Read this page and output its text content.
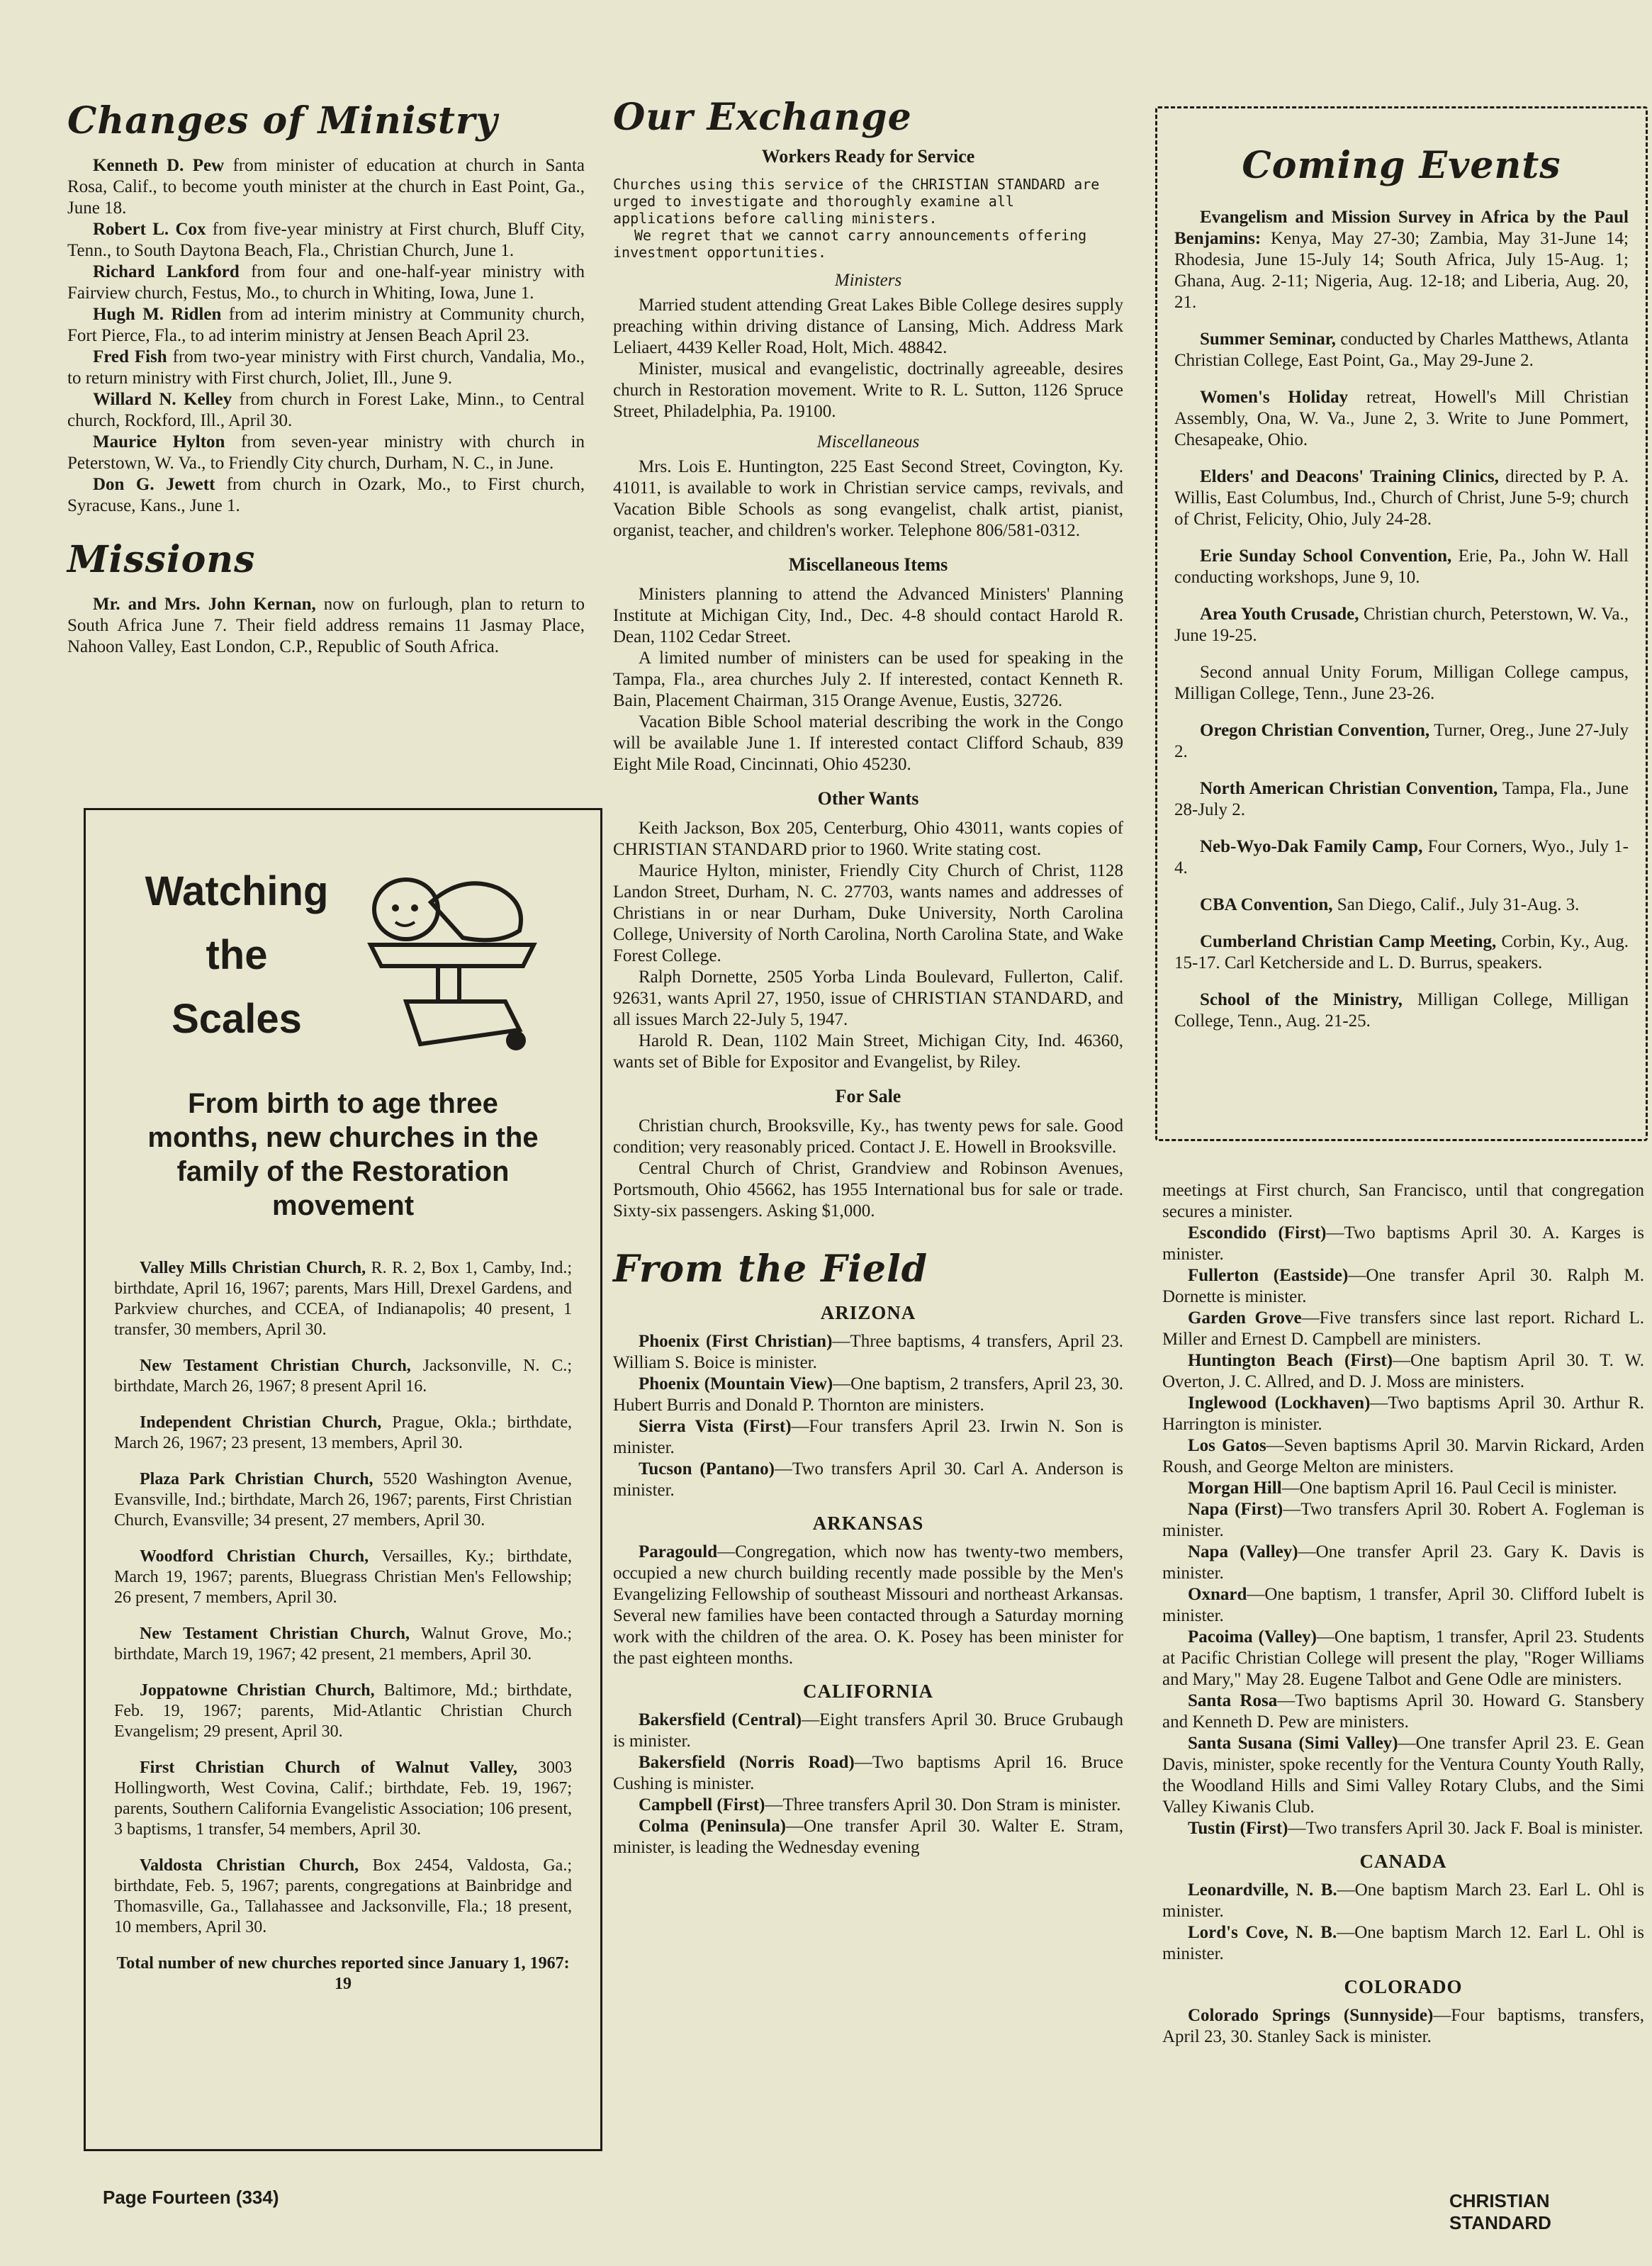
Changes of Ministry

Kenneth D. Pew from minister of education at church in Santa Rosa, Calif., to become youth minister at the church in East Point, Ga., June 18.

Robert L. Cox from five-year ministry at First church, Bluff City, Tenn., to South Daytona Beach, Fla., Christian Church, June 1.

Richard Lankford from four and one-half-year ministry with Fairview church, Festus, Mo., to church in Whiting, Iowa, June 1.

Hugh M. Ridlen from ad interim ministry at Community church, Fort Pierce, Fla., to ad interim ministry at Jensen Beach April 23.

Fred Fish from two-year ministry with First church, Vandalia, Mo., to return ministry with First church, Joliet, Ill., June 9.

Willard N. Kelley from church in Forest Lake, Minn., to Central church, Rockford, Ill., April 30.

Maurice Hylton from seven-year ministry with church in Peterstown, W. Va., to Friendly City church, Durham, N. C., in June.

Don G. Jewett from church in Ozark, Mo., to First church, Syracuse, Kans., June 1.

Missions

Mr. and Mrs. John Kernan, now on furlough, plan to return to South Africa June 7. Their field address remains 11 Jasmay Place, Nahoon Valley, East London, C.P., Republic of South Africa.

Watching
the
Scales
From birth to age three months, new churches in the family of the Restoration movement

Valley Mills Christian Church, R. R. 2, Box 1, Camby, Ind.; birthdate, April 16, 1967; parents, Mars Hill, Drexel Gardens, and Parkview churches, and CCEA, of Indianapolis; 40 present, 1 transfer, 30 members, April 30.

New Testament Christian Church, Jacksonville, N. C.; birthdate, March 26, 1967; 8 present April 16.

Independent Christian Church, Prague, Okla.; birthdate, March 26, 1967; 23 present, 13 members, April 30.

Plaza Park Christian Church, 5520 Washington Avenue, Evansville, Ind.; birthdate, March 26, 1967; parents, First Christian Church, Evansville; 34 present, 27 members, April 30.

Woodford Christian Church, Versailles, Ky.; birthdate, March 19, 1967; parents, Bluegrass Christian Men's Fellowship; 26 present, 7 members, April 30.

New Testament Christian Church, Walnut Grove, Mo.; birthdate, March 19, 1967; 42 present, 21 members, April 30.

Joppatowne Christian Church, Baltimore, Md.; birthdate, Feb. 19, 1967; parents, Mid-Atlantic Christian Church Evangelism; 29 present, April 30.

First Christian Church of Walnut Valley, 3003 Hollingworth, West Covina, Calif.; birthdate, Feb. 19, 1967; parents, Southern California Evangelistic Association; 106 present, 3 baptisms, 1 transfer, 54 members, April 30.

Valdosta Christian Church, Box 2454, Valdosta, Ga.; birthdate, Feb. 5, 1967; parents, congregations at Bainbridge and Thomasville, Ga., Tallahassee and Jacksonville, Fla.; 18 present, 10 members, April 30.

Total number of new churches reported since January 1, 1967: 19
Our Exchange
Workers Ready for Service

Churches using this service of the CHRISTIAN STANDARD are urged to investigate and thoroughly examine all applications before calling ministers.

We regret that we cannot carry announcements offering investment opportunities.

Ministers

Married student attending Great Lakes Bible College desires supply preaching within driving distance of Lansing, Mich. Address Mark Leliaert, 4439 Keller Road, Holt, Mich. 48842.

Minister, musical and evangelistic, doctrinally agreeable, desires church in Restoration movement. Write to R. L. Sutton, 1126 Spruce Street, Philadelphia, Pa. 19100.

Miscellaneous

Mrs. Lois E. Huntington, 225 East Second Street, Covington, Ky. 41011, is available to work in Christian service camps, revivals, and Vacation Bible Schools as song evangelist, chalk artist, pianist, organist, teacher, and children's worker. Telephone 806/581-0312.

Miscellaneous Items

Ministers planning to attend the Advanced Ministers' Planning Institute at Michigan City, Ind., Dec. 4-8 should contact Harold R. Dean, 1102 Cedar Street.

A limited number of ministers can be used for speaking in the Tampa, Fla., area churches July 2. If interested, contact Kenneth R. Bain, Placement Chairman, 315 Orange Avenue, Eustis, 32726.

Vacation Bible School material describing the work in the Congo will be available June 1. If interested contact Clifford Schaub, 839 Eight Mile Road, Cincinnati, Ohio 45230.

Other Wants

Keith Jackson, Box 205, Centerburg, Ohio 43011, wants copies of CHRISTIAN STANDARD prior to 1960. Write stating cost.

Maurice Hylton, minister, Friendly City Church of Christ, 1128 Landon Street, Durham, N. C. 27703, wants names and addresses of Christians in or near Durham, Duke University, North Carolina College, University of North Carolina, North Carolina State, and Wake Forest College.

Ralph Dornette, 2505 Yorba Linda Boulevard, Fullerton, Calif. 92631, wants April 27, 1950, issue of CHRISTIAN STANDARD, and all issues March 22-July 5, 1947.

Harold R. Dean, 1102 Main Street, Michigan City, Ind. 46360, wants set of Bible for Expositor and Evangelist, by Riley.

For Sale

Christian church, Brooksville, Ky., has twenty pews for sale. Good condition; very reasonably priced. Contact J. E. Howell in Brooksville.

Central Church of Christ, Grandview and Robinson Avenues, Portsmouth, Ohio 45662, has 1955 International bus for sale or trade. Sixty-six passengers. Asking $1,000.

From the Field
ARIZONA

Phoenix (First Christian)—Three baptisms, 4 transfers, April 23. William S. Boice is minister.

Phoenix (Mountain View)—One baptism, 2 transfers, April 23, 30. Hubert Burris and Donald P. Thornton are ministers.

Sierra Vista (First)—Four transfers April 23. Irwin N. Son is minister.

Tucson (Pantano)—Two transfers April 30. Carl A. Anderson is minister.

ARKANSAS

Paragould—Congregation, which now has twenty-two members, occupied a new church building recently made possible by the Men's Evangelizing Fellowship of southeast Missouri and northeast Arkansas. Several new families have been contacted through a Saturday morning work with the children of the area. O. K. Posey has been minister for the past eighteen months.

CALIFORNIA

Bakersfield (Central)—Eight transfers April 30. Bruce Grubaugh is minister.

Bakersfield (Norris Road)—Two baptisms April 16. Bruce Cushing is minister.

Campbell (First)—Three transfers April 30. Don Stram is minister.

Colma (Peninsula)—One transfer April 30. Walter E. Stram, minister, is leading the Wednesday evening

Coming Events

Evangelism and Mission Survey in Africa by the Paul Benjamins: Kenya, May 27-30; Zambia, May 31-June 14; Rhodesia, June 15-July 14; South Africa, July 15-Aug. 1; Ghana, Aug. 2-11; Nigeria, Aug. 12-18; and Liberia, Aug. 20, 21.

Summer Seminar, conducted by Charles Matthews, Atlanta Christian College, East Point, Ga., May 29-June 2.

Women's Holiday retreat, Howell's Mill Christian Assembly, Ona, W. Va., June 2, 3. Write to June Pommert, Chesapeake, Ohio.

Elders' and Deacons' Training Clinics, directed by P. A. Willis, East Columbus, Ind., Church of Christ, June 5-9; church of Christ, Felicity, Ohio, July 24-28.

Erie Sunday School Convention, Erie, Pa., John W. Hall conducting workshops, June 9, 10.

Area Youth Crusade, Christian church, Peterstown, W. Va., June 19-25.

Second annual Unity Forum, Milligan College campus, Milligan College, Tenn., June 23-26.

Oregon Christian Convention, Turner, Oreg., June 27-July 2.

North American Christian Convention, Tampa, Fla., June 28-July 2.

Neb-Wyo-Dak Family Camp, Four Corners, Wyo., July 1-4.

CBA Convention, San Diego, Calif., July 31-Aug. 3.

Cumberland Christian Camp Meeting, Corbin, Ky., Aug. 15-17. Carl Ketcherside and L. D. Burrus, speakers.

School of the Ministry, Milligan College, Milligan College, Tenn., Aug. 21-25.

meetings at First church, San Francisco, until that congregation secures a minister.

Escondido (First)—Two baptisms April 30. A. Karges is minister.

Fullerton (Eastside)—One transfer April 30. Ralph M. Dornette is minister.

Garden Grove—Five transfers since last report. Richard L. Miller and Ernest D. Campbell are ministers.

Huntington Beach (First)—One baptism April 30. T. W. Overton, J. C. Allred, and D. J. Moss are ministers.

Inglewood (Lockhaven)—Two baptisms April 30. Arthur R. Harrington is minister.

Los Gatos—Seven baptisms April 30. Marvin Rickard, Arden Roush, and George Melton are ministers.

Morgan Hill—One baptism April 16. Paul Cecil is minister.

Napa (First)—Two transfers April 30. Robert A. Fogleman is minister.

Napa (Valley)—One transfer April 23. Gary K. Davis is minister.

Oxnard—One baptism, 1 transfer, April 30. Clifford Iubelt is minister.

Pacoima (Valley)—One baptism, 1 transfer, April 23. Students at Pacific Christian College will present the play, "Roger Williams and Mary," May 28. Eugene Talbot and Gene Odle are ministers.

Santa Rosa—Two baptisms April 30. Howard G. Stansbery and Kenneth D. Pew are ministers.

Santa Susana (Simi Valley)—One transfer April 23. E. Gean Davis, minister, spoke recently for the Ventura County Youth Rally, the Woodland Hills and Simi Valley Rotary Clubs, and the Simi Valley Kiwanis Club.

Tustin (First)—Two transfers April 30. Jack F. Boal is minister.

CANADA

Leonardville, N. B.—One baptism March 23. Earl L. Ohl is minister.

Lord's Cove, N. B.—One baptism March 12. Earl L. Ohl is minister.

COLORADO

Colorado Springs (Sunnyside)—Four baptisms, transfers, April 23, 30. Stanley Sack is minister.

Page Fourteen (334)	CHRISTIAN STANDARD
